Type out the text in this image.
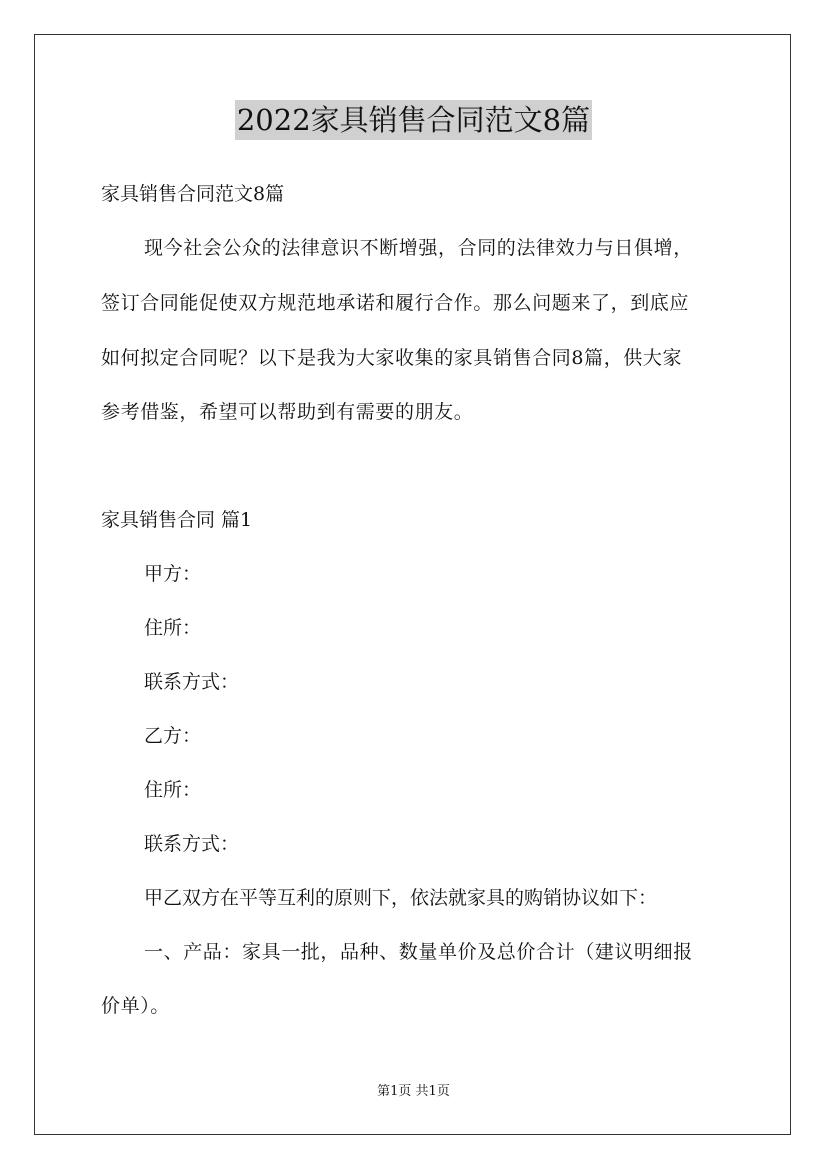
2022家具销售合同范文8篇
家具销售合同范文8篇
现今社会公众的法律意识不断增强，合同的法律效力与日俱增，
签订合同能促使双方规范地承诺和履行合作。那么问题来了，到底应
如何拟定合同呢？以下是我为大家收集的家具销售合同8篇，供大家
参考借鉴，希望可以帮助到有需要的朋友。
家具销售合同 篇1
甲方：
住所：
联系方式：
乙方：
住所：
联系方式：
甲乙双方在平等互利的原则下，依法就家具的购销协议如下：
一、产品：家具一批，品种、数量单价及总价合计（建议明细报
价单）。
第1页 共1页
